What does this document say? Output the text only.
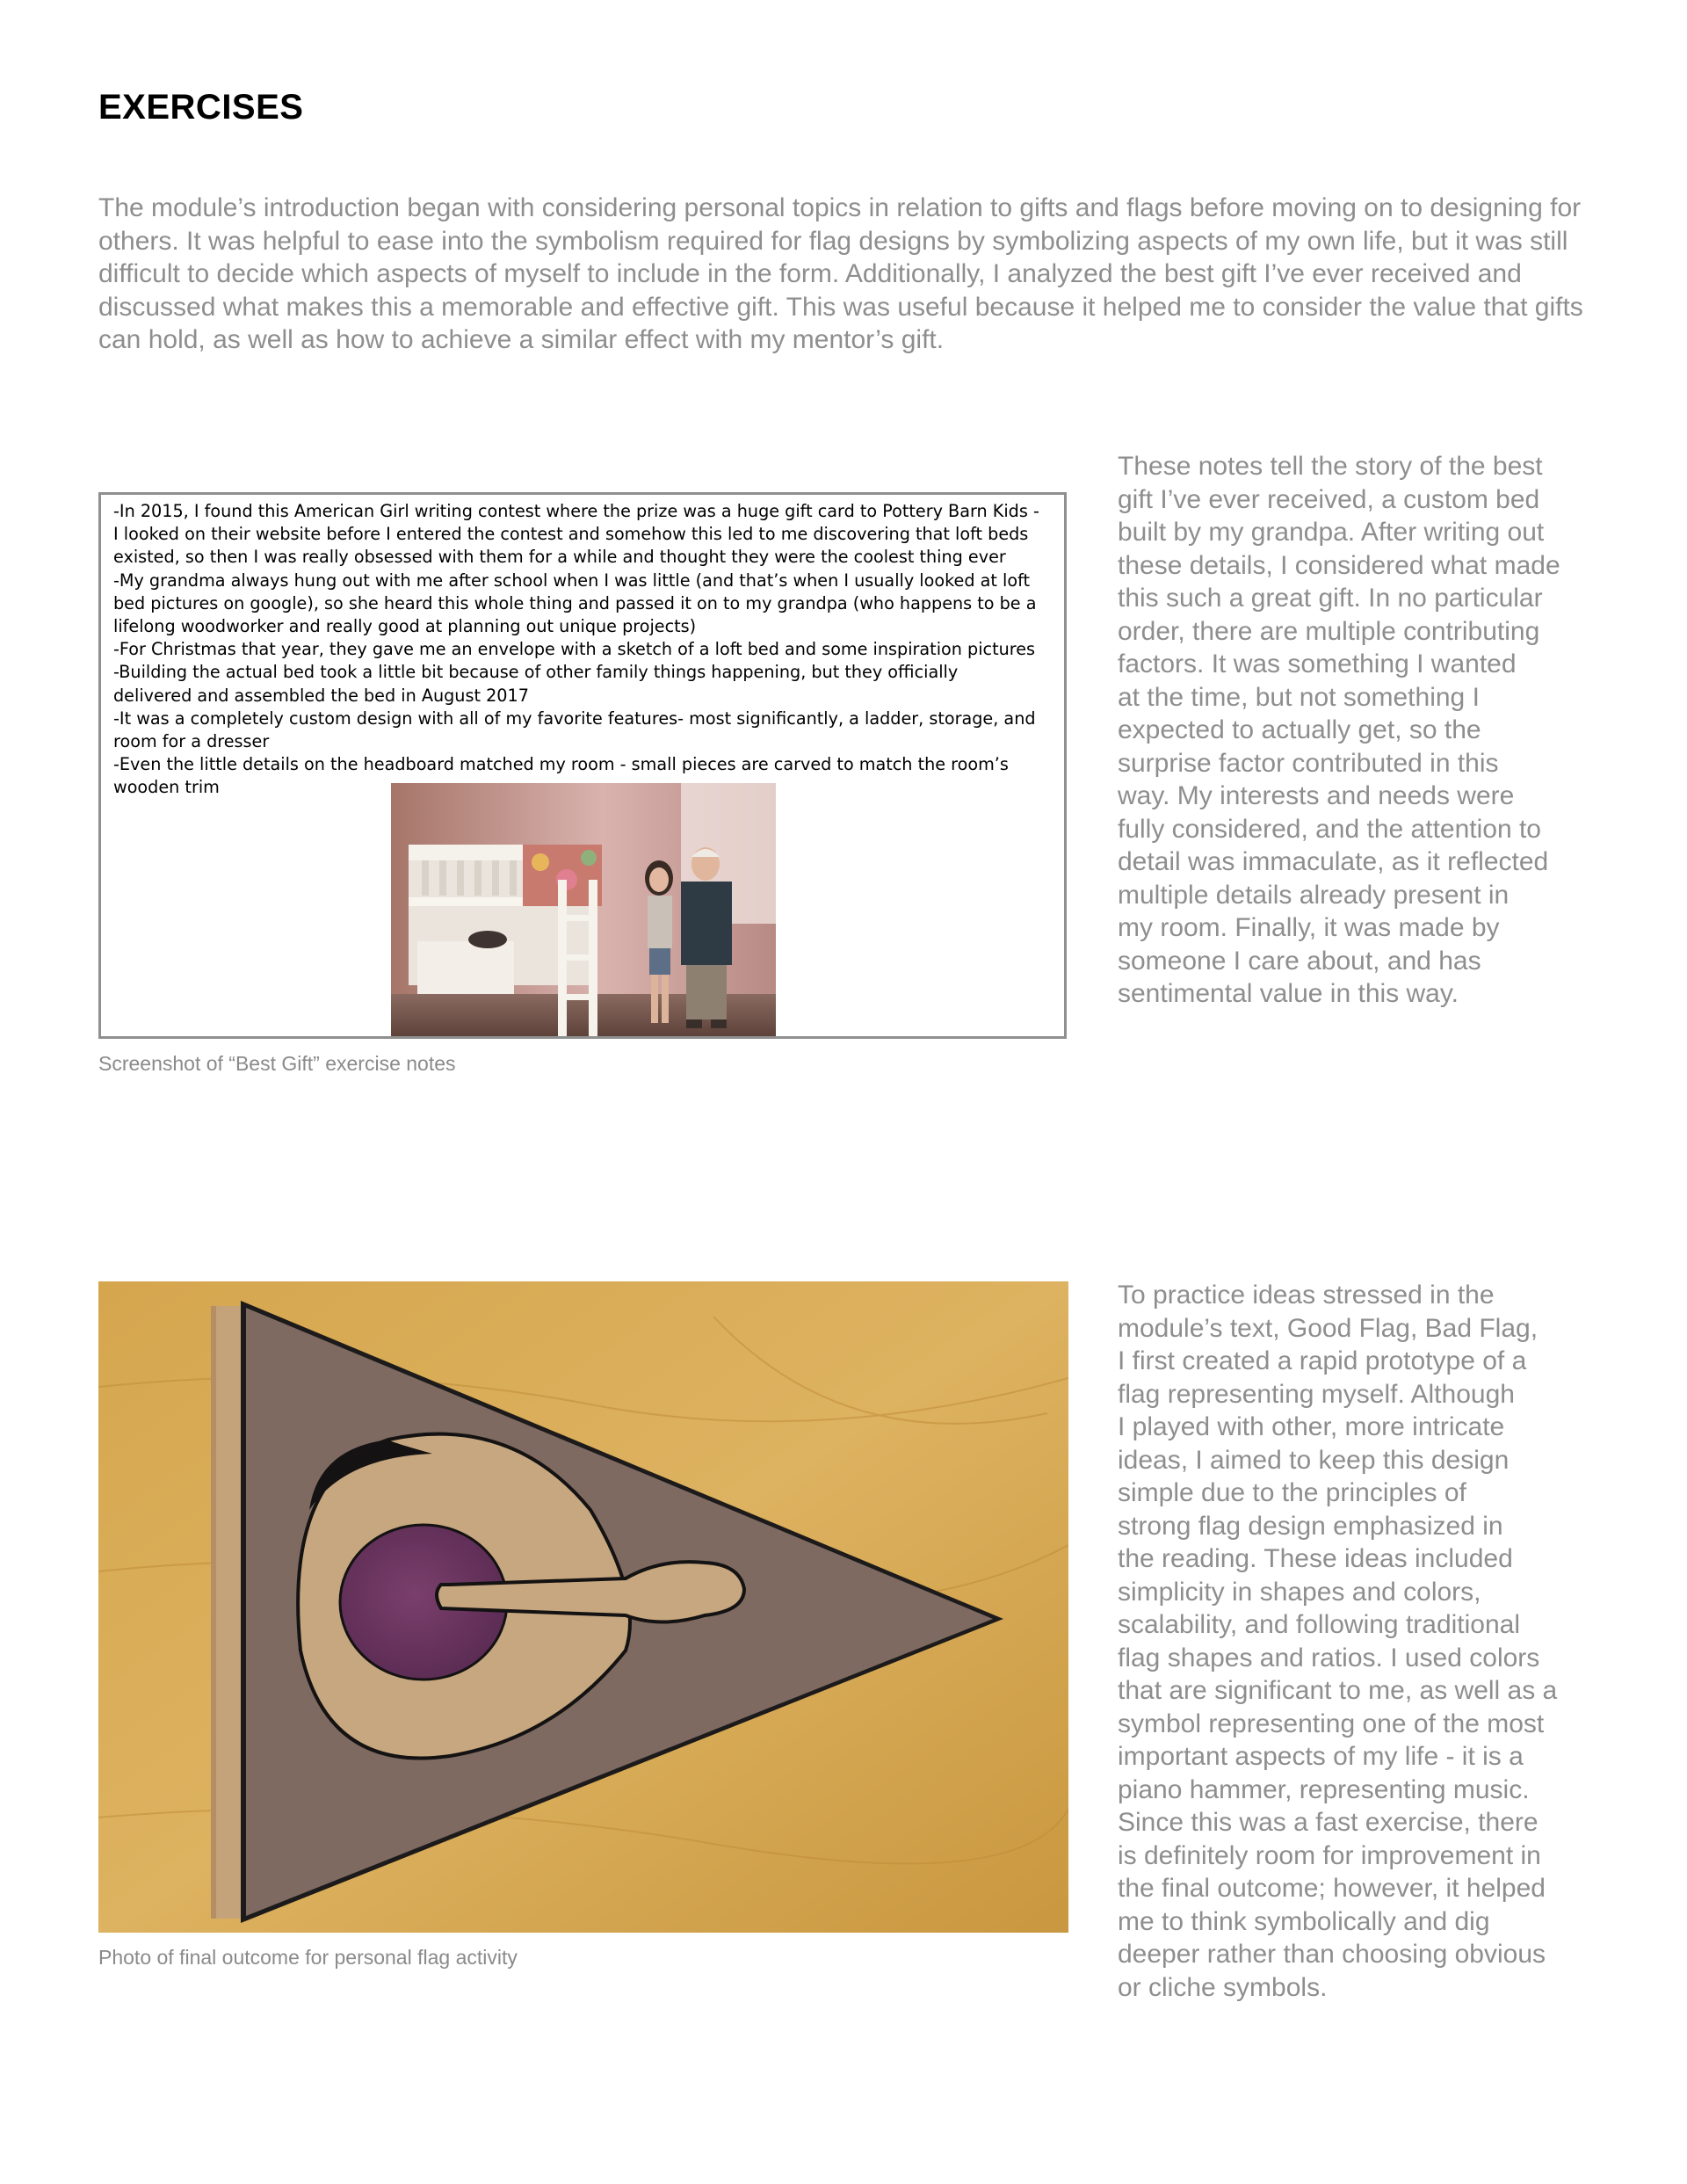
EXERCISES
The module’s introduction began with considering personal topics in relation to gifts and flags before moving on to designing for others. It was helpful to ease into the symbolism required for flag designs by symbolizing aspects of my own life, but it was still difficult to decide which aspects of myself to include in the form. Additionally, I analyzed the best gift I’ve ever received and discussed what makes this a memorable and effective gift. This was useful because it helped me to consider the value that gifts can hold, as well as how to achieve a similar effect with my mentor’s gift.
-In 2015, I found this American Girl writing contest where the prize was a huge gift card to Pottery Barn Kids -
I looked on their website before I entered the contest and somehow this led to me discovering that loft beds
existed, so then I was really obsessed with them for a while and thought they were the coolest thing ever
-My grandma always hung out with me after school when I was little (and that’s when I usually looked at loft
bed pictures on google), so she heard this whole thing and passed it on to my grandpa (who happens to be a
lifelong woodworker and really good at planning out unique projects)
-For Christmas that year, they gave me an envelope with a sketch of a loft bed and some inspiration pictures
-Building the actual bed took a little bit because of other family things happening, but they officially
delivered and assembled the bed in August 2017
-It was a completely custom design with all of my favorite features- most significantly, a ladder, storage, and
room for a dresser
-Even the little details on the headboard matched my room - small pieces are carved to match the room’s
wooden trim
Screenshot of “Best Gift” exercise notes
These notes tell the story of the best
gift I’ve ever received, a custom bed
built by my grandpa. After writing out
these details, I considered what made
this such a great gift. In no particular
order, there are multiple contributing
factors. It was something I wanted
at the time, but not something I
expected to actually get, so the
surprise factor contributed in this
way. My interests and needs were
fully considered, and the attention to
detail was immaculate, as it reflected
multiple details already present in
my room. Finally, it was made by
someone I care about, and has
sentimental value in this way.
Photo of final outcome for personal flag activity
To practice ideas stressed in the
module’s text, Good Flag, Bad Flag,
I first created a rapid prototype of a
flag representing myself. Although
I played with other, more intricate
ideas, I aimed to keep this design
simple due to the principles of
strong flag design emphasized in
the reading. These ideas included
simplicity in shapes and colors,
scalability, and following traditional
flag shapes and ratios. I used colors
that are significant to me, as well as a
symbol representing one of the most
important aspects of my life - it is a
piano hammer, representing music.
Since this was a fast exercise, there
is definitely room for improvement in
the final outcome; however, it helped
me to think symbolically and dig
deeper rather than choosing obvious
or cliche symbols.
